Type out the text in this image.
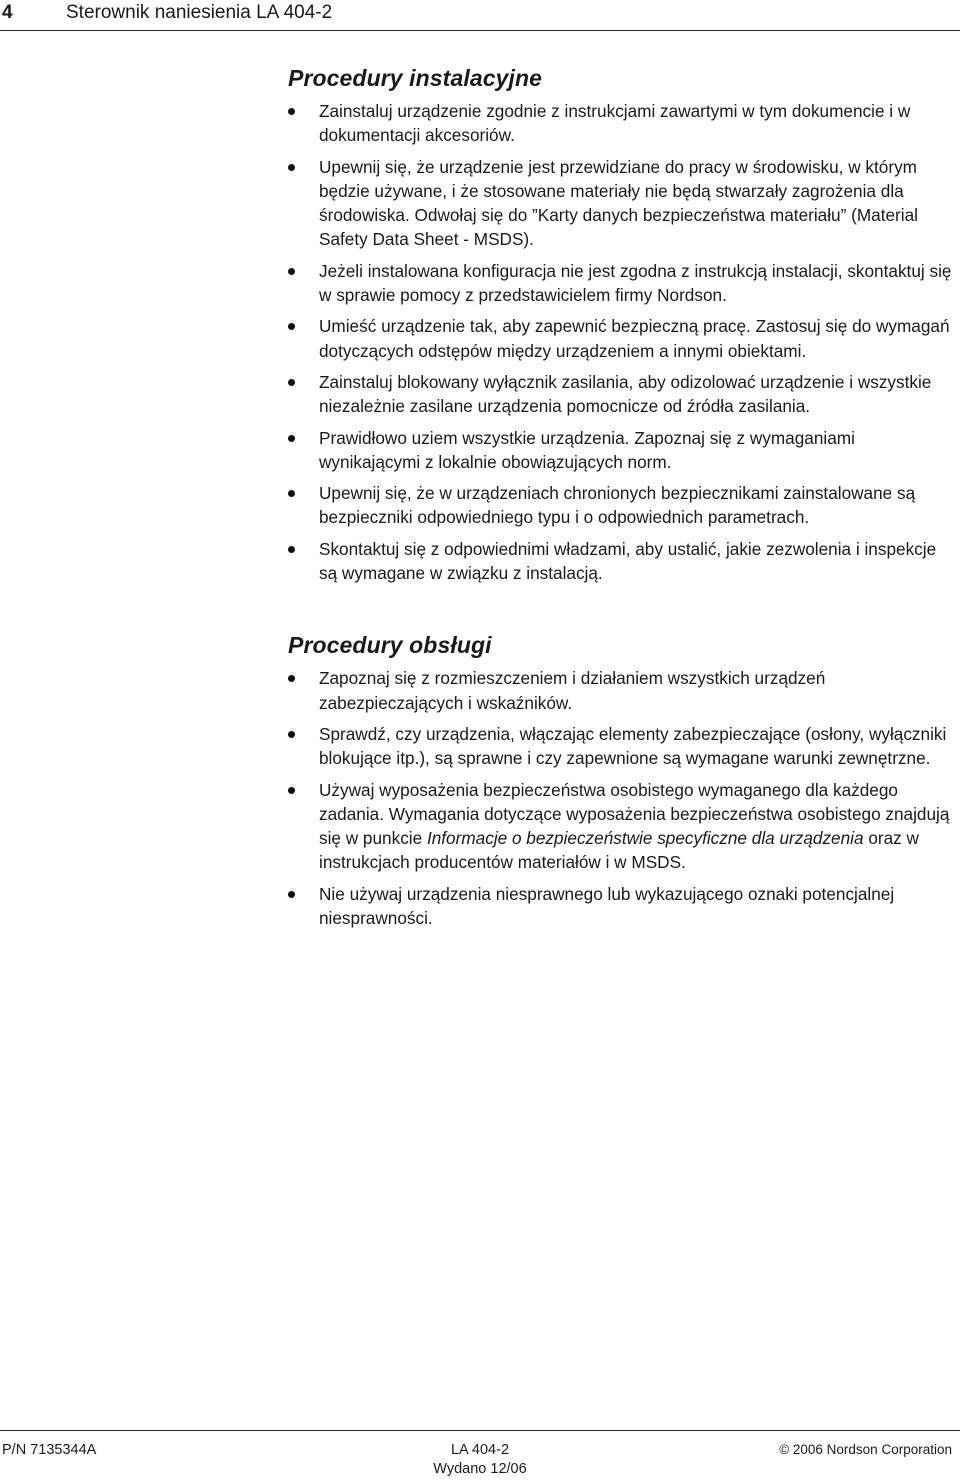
4	Sterownik naniesienia LA 404-2
Procedury instalacyjne
Zainstaluj urządzenie zgodnie z instrukcjami zawartymi w tym dokumencie i w dokumentacji akcesoriów.
Upewnij się, że urządzenie jest przewidziane do pracy w środowisku, w którym będzie używane, i że stosowane materiały nie będą stwarzały zagrożenia dla środowiska. Odwołaj się do ”Karty danych bezpieczeństwa materiału” (Material Safety Data Sheet - MSDS).
Jeżeli instalowana konfiguracja nie jest zgodna z instrukcją instalacji, skontaktuj się w sprawie pomocy z przedstawicielem firmy Nordson.
Umieść urządzenie tak, aby zapewnić bezpieczną pracę. Zastosuj się do wymagań dotyczących odstępów między urządzeniem a innymi obiektami.
Zainstaluj blokowany wyłącznik zasilania, aby odizolować urządzenie i wszystkie niezależnie zasilane urządzenia pomocnicze od źródła zasilania.
Prawidłowo uziem wszystkie urządzenia. Zapoznaj się z wymaganiami wynikającymi z lokalnie obowiązujących norm.
Upewnij się, że w urządzeniach chronionych bezpiecznikami zainstalowane są bezpieczniki odpowiedniego typu i o odpowiednich parametrach.
Skontaktuj się z odpowiednimi władzami, aby ustalić, jakie zezwolenia i inspekcje są wymagane w związku z instalacją.
Procedury obsługi
Zapoznaj się z rozmieszczeniem i działaniem wszystkich urządzeń zabezpieczających i wskaźników.
Sprawdź, czy urządzenia, włączając elementy zabezpieczające (osłony, wyłączniki blokujące itp.), są sprawne i czy zapewnione są wymagane warunki zewnętrzne.
Używaj wyposażenia bezpieczeństwa osobistego wymaganego dla każdego zadania. Wymagania dotyczące wyposażenia bezpieczeństwa osobistego znajdują się w punkcie Informacje o bezpieczeństwie specyficzne dla urządzenia oraz w instrukcjach producentów materiałów i w MSDS.
Nie używaj urządzenia niesprawnego lub wykazującego oznaki potencjalnej niesprawności.
P/N 7135344A	LA 404-2
Wydano 12/06
© 2006 Nordson Corporation
